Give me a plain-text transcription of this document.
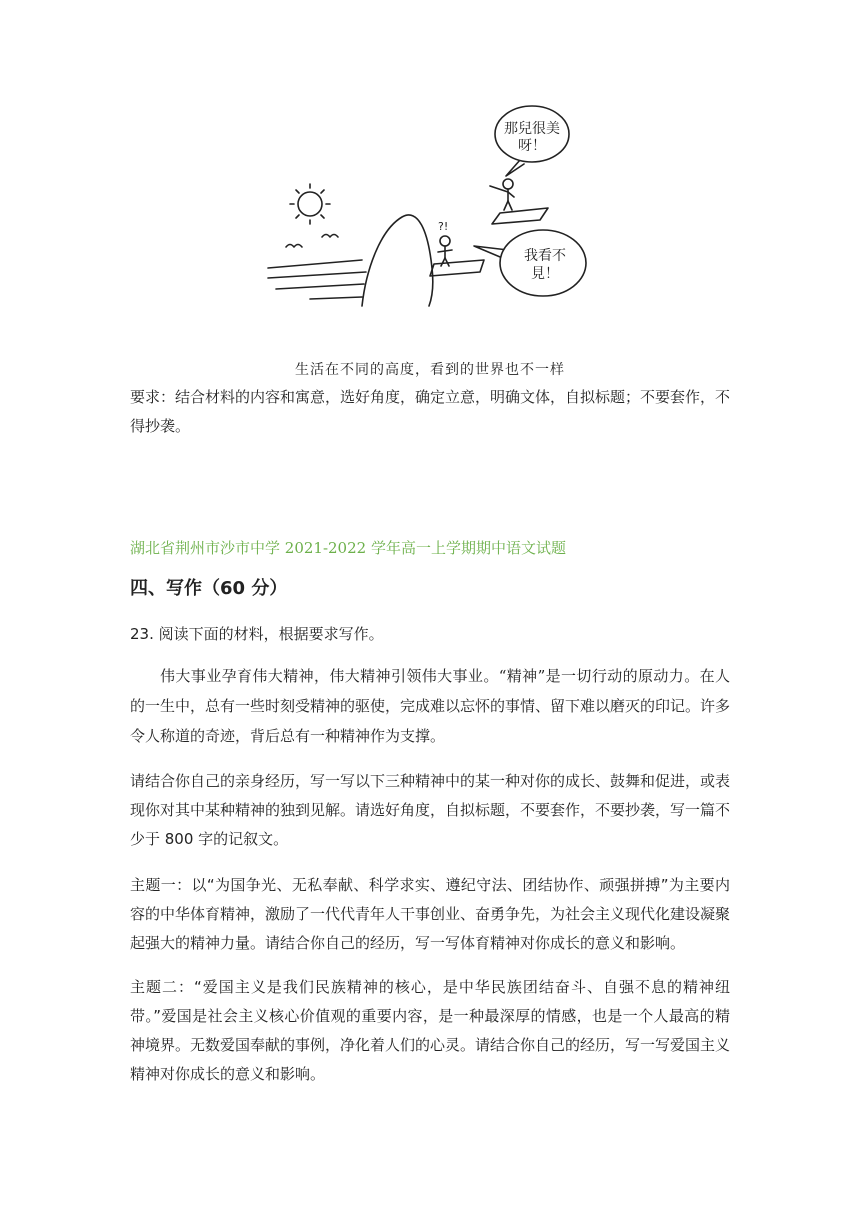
?!
那兒很美
呀！
我看不
見！

生活在不同的高度，看到的世界也不一样

要求：结合材料的内容和寓意，选好角度，确定立意，明确文体，自拟标题；不要套作，不得抄袭。

湖北省荆州市沙市中学 2021-2022 学年高一上学期期中语文试题

四、写作（60 分）

23. 阅读下面的材料，根据要求写作。

伟大事业孕育伟大精神，伟大精神引领伟大事业。“精神”是一切行动的原动力。在人的一生中，总有一些时刻受精神的驱使，完成难以忘怀的事情、留下难以磨灭的印记。许多令人称道的奇迹，背后总有一种精神作为支撑。

请结合你自己的亲身经历，写一写以下三种精神中的某一种对你的成长、鼓舞和促进，或表现你对其中某种精神的独到见解。请选好角度，自拟标题，不要套作，不要抄袭，写一篇不少于 800 字的记叙文。

主题一：以“为国争光、无私奉献、科学求实、遵纪守法、团结协作、顽强拼搏”为主要内容的中华体育精神，激励了一代代青年人干事创业、奋勇争先，为社会主义现代化建设凝聚起强大的精神力量。请结合你自己的经历，写一写体育精神对你成长的意义和影响。

主题二：“爱国主义是我们民族精神的核心，是中华民族团结奋斗、自强不息的精神纽带。”爱国是社会主义核心价值观的重要内容，是一种最深厚的情感，也是一个人最高的精神境界。无数爱国奉献的事例，净化着人们的心灵。请结合你自己的经历，写一写爱国主义精神对你成长的意义和影响。
